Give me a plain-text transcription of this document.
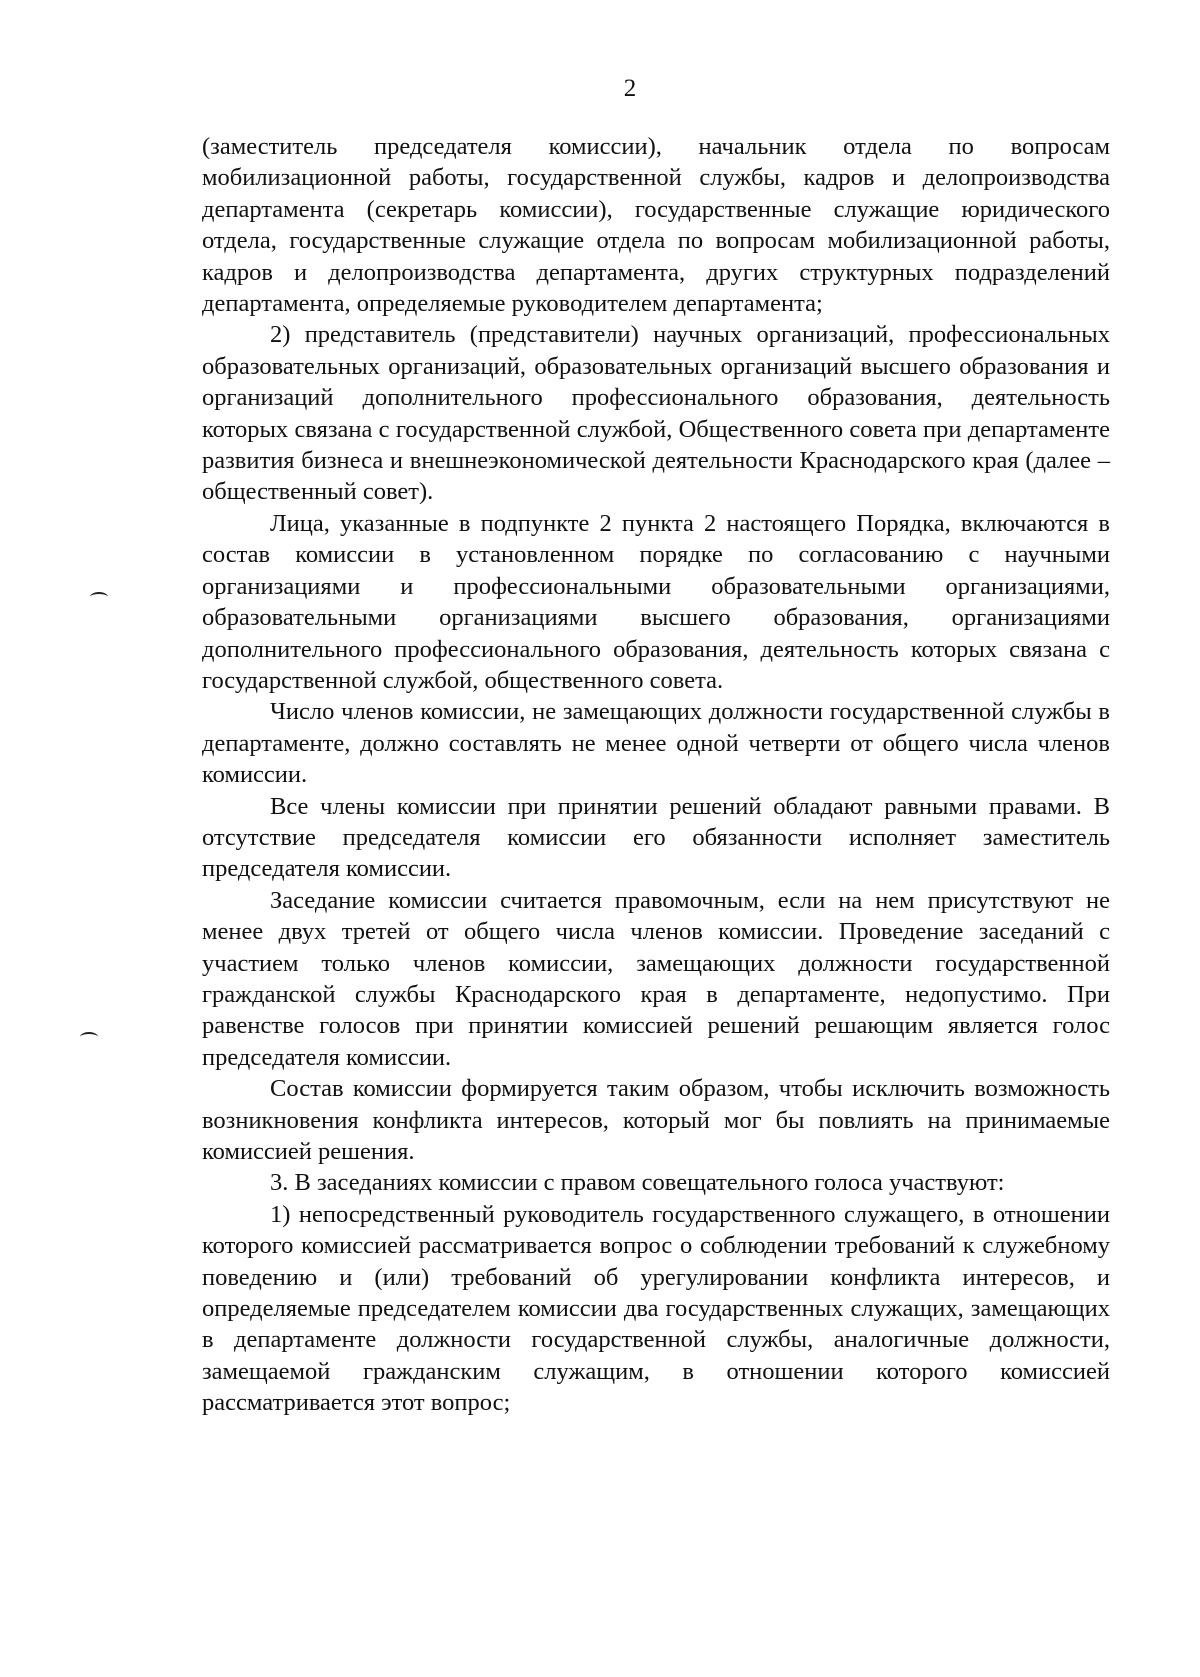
2

(заместитель председателя комиссии), начальник отдела по вопросам мобилизационной работы, государственной службы, кадров и делопроизводства департамента (секретарь комиссии), государственные служащие юридического отдела, государственные служащие отдела по вопросам мобилизационной работы, кадров и делопроизводства департамента, других структурных подразделений департамента, определяемые руководителем департамента;

2) представитель (представители) научных организаций, профессиональных образовательных организаций, образовательных организаций высшего образования и организаций дополнительного профессионального образования, деятельность которых связана с государственной службой, Общественного совета при департаменте развития бизнеса и внешнеэкономической деятельности Краснодарского края (далее – общественный совет).

Лица, указанные в подпункте 2 пункта 2 настоящего Порядка, включаются в состав комиссии в установленном порядке по согласованию с научными организациями и профессиональными образовательными организациями, образовательными организациями высшего образования, организациями дополнительного профессионального образования, деятельность которых связана с государственной службой, общественного совета.

Число членов комиссии, не замещающих должности государственной службы в департаменте, должно составлять не менее одной четверти от общего числа членов комиссии.

Все члены комиссии при принятии решений обладают равными правами. В отсутствие председателя комиссии его обязанности исполняет заместитель председателя комиссии.

Заседание комиссии считается правомочным, если на нем присутствуют не менее двух третей от общего числа членов комиссии. Проведение заседаний с участием только членов комиссии, замещающих должности государственной гражданской службы Краснодарского края в департаменте, недопустимо. При равенстве голосов при принятии комиссией решений решающим является голос председателя комиссии.

Состав комиссии формируется таким образом, чтобы исключить возможность возникновения конфликта интересов, который мог бы повлиять на принимаемые комиссией решения.

3. В заседаниях комиссии с правом совещательного голоса участвуют:

1) непосредственный руководитель государственного служащего, в отношении которого комиссией рассматривается вопрос о соблюдении требований к служебному поведению и (или) требований об урегулировании конфликта интересов, и определяемые председателем комиссии два государственных служащих, замещающих в департаменте должности государственной службы, аналогичные должности, замещаемой гражданским служащим, в отношении которого комиссией рассматривается этот вопрос;
